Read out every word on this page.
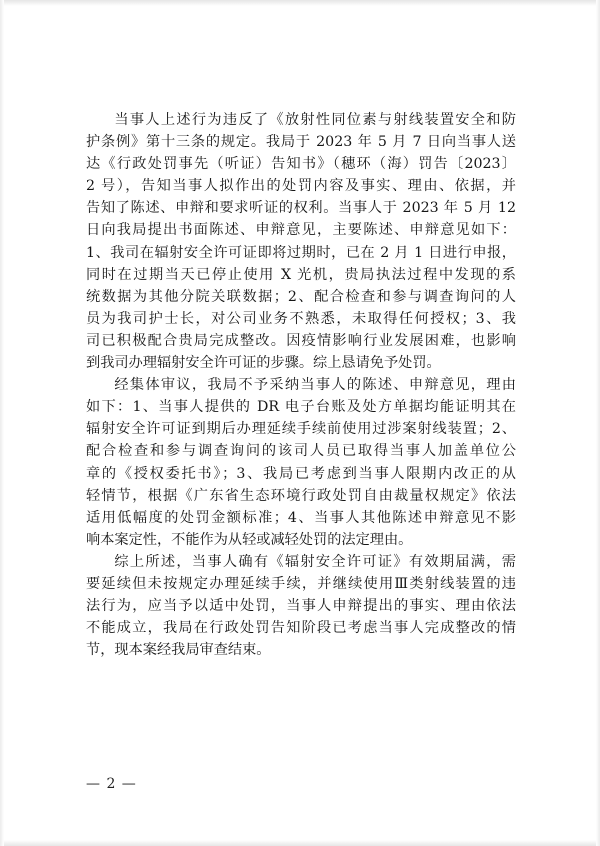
当事人上述行为违反了《放射性同位素与射线装置安全和防
护条例》第十三条的规定。我局于 2023 年 5 月 7 日向当事人送
达《行政处罚事先（听证）告知书》（穗环（海）罚告〔2023〕
2 号），告知当事人拟作出的处罚内容及事实、理由、依据，并
告知了陈述、申辩和要求听证的权利。当事人于 2023 年 5 月 12
日向我局提出书面陈述、申辩意见，主要陈述、申辩意见如下：
1、我司在辐射安全许可证即将过期时，已在 2 月 1 日进行申报，
同时在过期当天已停止使用 X 光机，贵局执法过程中发现的系
统数据为其他分院关联数据；2、配合检查和参与调查询问的人
员为我司护士长，对公司业务不熟悉，未取得任何授权；3、我
司已积极配合贵局完成整改。因疫情影响行业发展困难，也影响
到我司办理辐射安全许可证的步骤。综上恳请免予处罚。
经集体审议，我局不予采纳当事人的陈述、申辩意见，理由
如下：1、当事人提供的 DR 电子台账及处方单据均能证明其在
辐射安全许可证到期后办理延续手续前使用过涉案射线装置；2、
配合检查和参与调查询问的该司人员已取得当事人加盖单位公
章的《授权委托书》；3、我局已考虑到当事人限期内改正的从
轻情节，根据《广东省生态环境行政处罚自由裁量权规定》依法
适用低幅度的处罚金额标准；4、当事人其他陈述申辩意见不影
响本案定性，不能作为从轻或减轻处罚的法定理由。
综上所述，当事人确有《辐射安全许可证》有效期届满，需
要延续但未按规定办理延续手续，并继续使用Ⅲ类射线装置的违
法行为，应当予以适中处罚，当事人申辩提出的事实、理由依法
不能成立，我局在行政处罚告知阶段已考虑当事人完成整改的情
节，现本案经我局审查结束。
— 2 —
